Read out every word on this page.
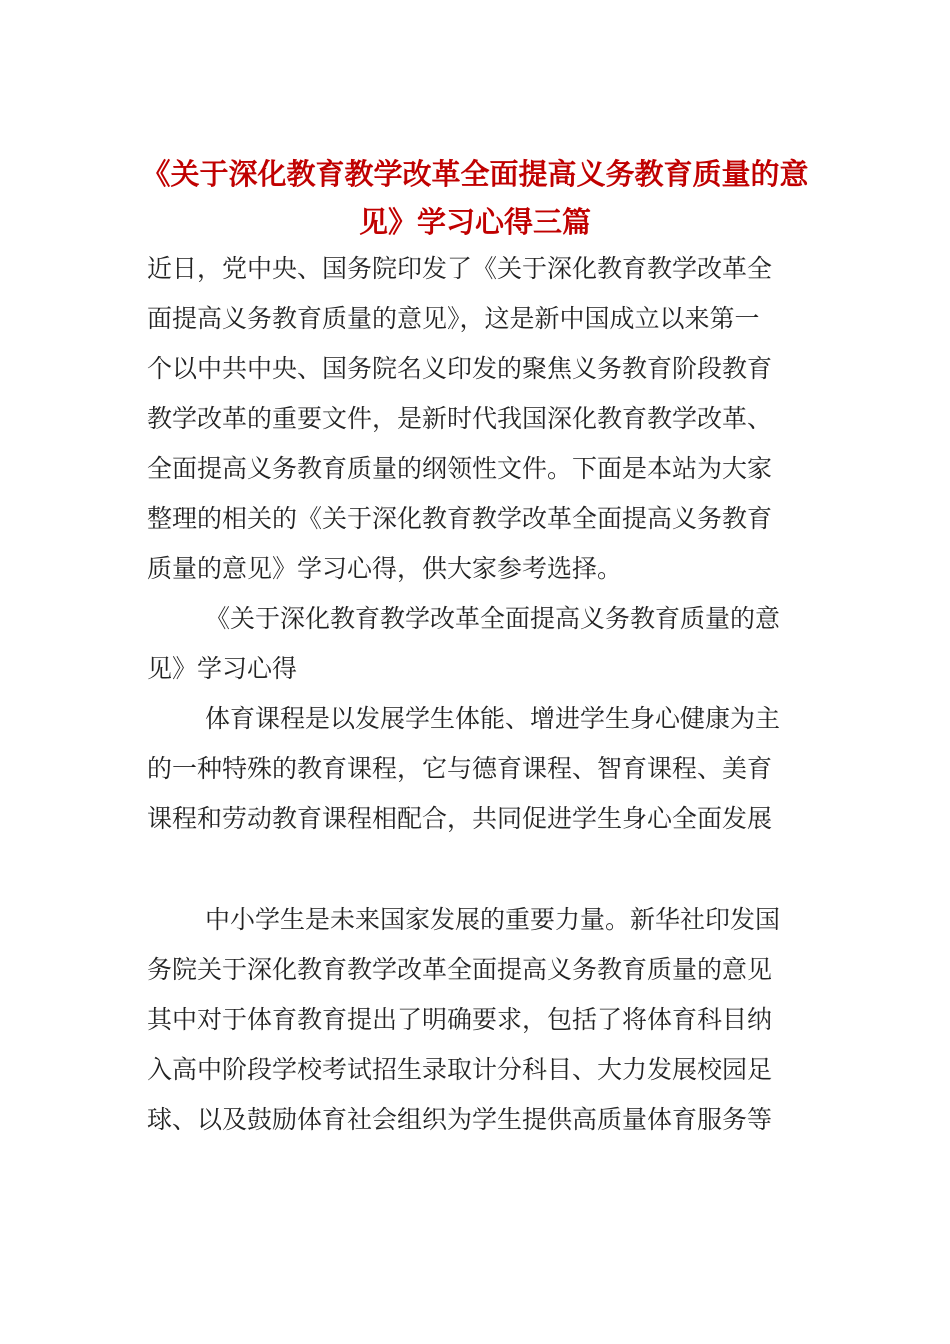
《关于深化教育教学改革全面提高义务教育质量的意
见》学习心得三篇

近日，党中央、国务院印发了《关于深化教育教学改革全

面提高义务教育质量的意见》，这是新中国成立以来第一

个以中共中央、国务院名义印发的聚焦义务教育阶段教育

教学改革的重要文件，是新时代我国深化教育教学改革、

全面提高义务教育质量的纲领性文件。下面是本站为大家

整理的相关的《关于深化教育教学改革全面提高义务教育

质量的意见》学习心得，供大家参考选择。

《关于深化教育教学改革全面提高义务教育质量的意

见》学习心得

体育课程是以发展学生体能、增进学生身心健康为主

的一种特殊的教育课程，它与德育课程、智育课程、美育

课程和劳动教育课程相配合，共同促进学生身心全面发展

中小学生是未来国家发展的重要力量。新华社印发国

务院关于深化教育教学改革全面提高义务教育质量的意见

其中对于体育教育提出了明确要求，包括了将体育科目纳

入高中阶段学校考试招生录取计分科目、大力发展校园足

球、以及鼓励体育社会组织为学生提供高质量体育服务等
